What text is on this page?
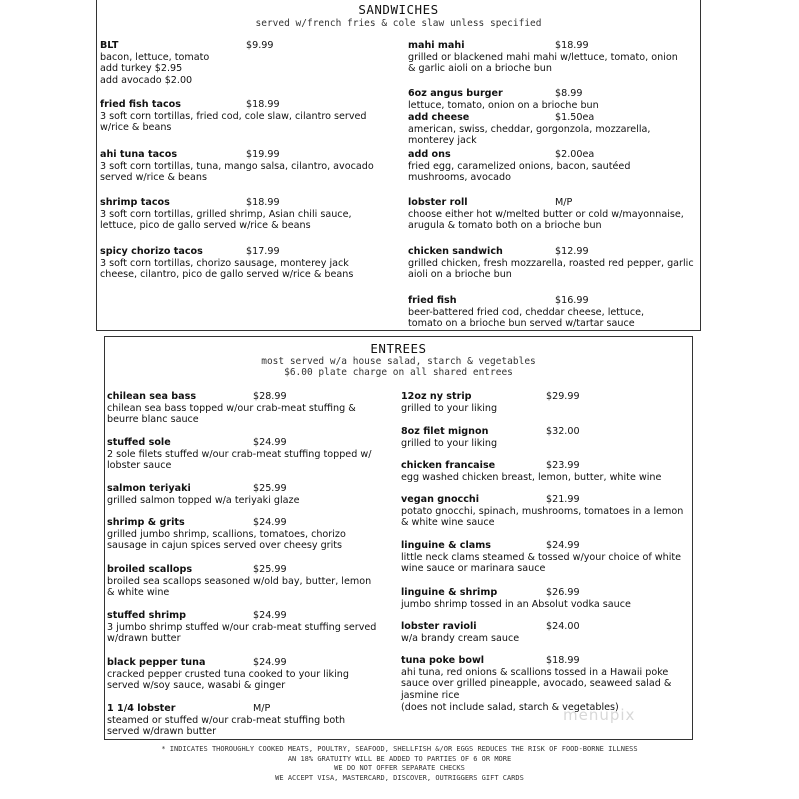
SANDWICHES
served w/french fries & cole slaw unless specified
ENTREES
most served w/a house salad, starch & vegetables
$6.00 plate charge on all shared entrees
BLT	$9.99
bacon, lettuce, tomato
add turkey $2.95
add avocado $2.00
fried fish tacos	$18.99
3 soft corn tortillas, fried cod, cole slaw, cilantro served
w/rice & beans
ahi tuna tacos	$19.99
3 soft corn tortillas, tuna, mango salsa, cilantro, avocado
served w/rice & beans
shrimp tacos	$18.99
3 soft corn tortillas, grilled shrimp, Asian chili sauce,
lettuce, pico de gallo served w/rice & beans
spicy chorizo tacos	$17.99
3 soft corn tortillas, chorizo sausage, monterey jack
cheese, cilantro, pico de gallo served w/rice & beans
mahi mahi	$18.99
grilled or blackened mahi mahi w/lettuce, tomato, onion
& garlic aioli on a brioche bun
6oz angus burger	$8.99
lettuce, tomato, onion on a brioche bun
add cheese	$1.50ea
american, swiss, cheddar, gorgonzola, mozzarella,
monterey jack
add ons	$2.00ea
fried egg, caramelized onions, bacon, sautéed
mushrooms, avocado
lobster roll	M/P
choose either hot w/melted butter or cold w/mayonnaise,
arugula & tomato both on a brioche bun
chicken sandwich	$12.99
grilled chicken, fresh mozzarella, roasted red pepper, garlic
aioli on a brioche bun
fried fish	$16.99
beer-battered fried cod, cheddar cheese, lettuce,
tomato on a brioche bun served w/tartar sauce
chilean sea bass	$28.99
chilean sea bass topped w/our crab-meat stuffing &
beurre blanc sauce
stuffed sole	$24.99
2 sole filets stuffed w/our crab-meat stuffing topped w/
lobster sauce
salmon teriyaki	$25.99
grilled salmon topped w/a teriyaki glaze
shrimp & grits	$24.99
grilled jumbo shrimp, scallions, tomatoes, chorizo
sausage in cajun spices served over cheesy grits
broiled scallops	$25.99
broiled sea scallops seasoned w/old bay, butter, lemon
& white wine
stuffed shrimp	$24.99
3 jumbo shrimp stuffed w/our crab-meat stuffing served
w/drawn butter
black pepper tuna	$24.99
cracked pepper crusted tuna cooked to your liking
served w/soy sauce, wasabi & ginger
1 1/4 lobster	M/P
steamed or stuffed w/our crab-meat stuffing both
served w/drawn butter
12oz ny strip	$29.99
grilled to your liking
8oz filet mignon	$32.00
grilled to your liking
chicken francaise	$23.99
egg washed chicken breast, lemon, butter, white wine
vegan gnocchi	$21.99
potato gnocchi, spinach, mushrooms, tomatoes in a lemon
& white wine sauce
linguine & clams	$24.99
little neck clams steamed & tossed w/your choice of white
wine sauce or marinara sauce
linguine & shrimp	$26.99
jumbo shrimp tossed in an Absolut vodka sauce
lobster ravioli	$24.00
w/a brandy cream sauce
tuna poke bowl	$18.99
ahi tuna, red onions & scallions tossed in a Hawaii poke
sauce over grilled pineapple, avocado, seaweed salad &
jasmine rice
(does not include salad, starch & vegetables)
menupix
* INDICATES THOROUGHLY COOKED MEATS, POULTRY, SEAFOOD, SHELLFISH &/OR EGGS REDUCES THE RISK OF FOOD-BORNE ILLNESS
AN 18% GRATUITY WILL BE ADDED TO PARTIES OF 6 OR MORE
WE DO NOT OFFER SEPARATE CHECKS
WE ACCEPT VISA, MASTERCARD, DISCOVER, OUTRIGGERS GIFT CARDS
